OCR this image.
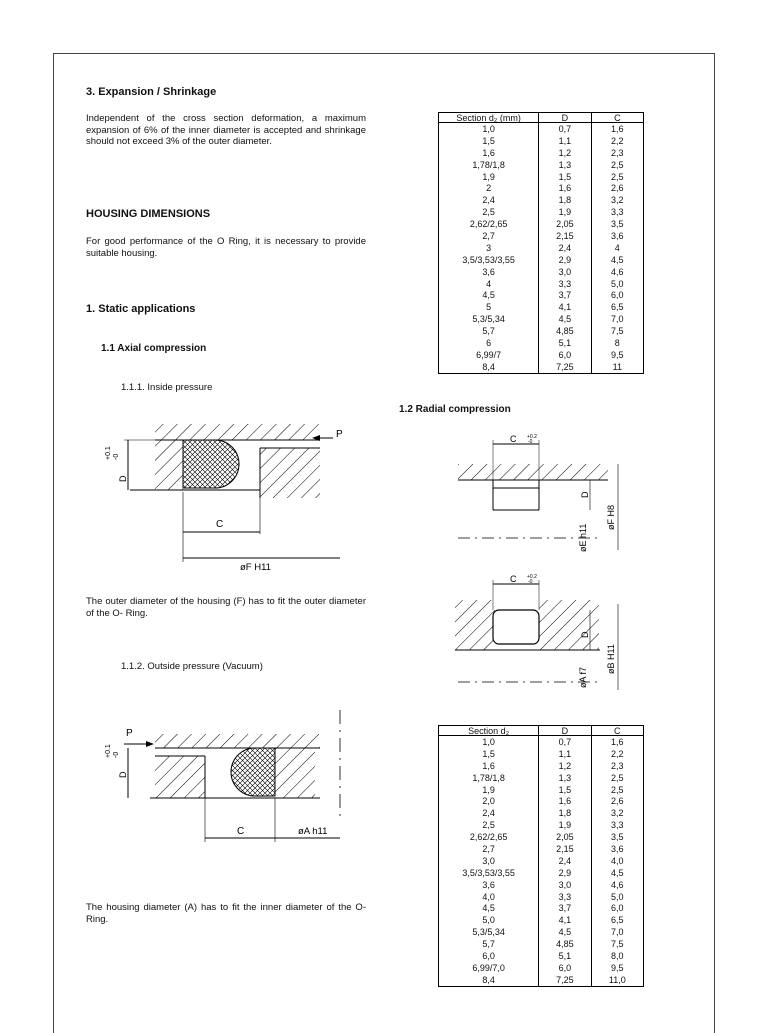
3. Expansion / Shrinkage
Independent of the cross section deformation, a maximum expansion of 6% of the inner diameter is accepted and shrinkage should not exceed 3% of the outer diameter.
HOUSING DIMENSIONS
For good performance of the O Ring, it is necessary to provide suitable housing.
1. Static applications
1.1 Axial compression
1.1.1. Inside pressure
The outer diameter of the housing (F) has to fit the outer diameter of the O- Ring.
1.1.2. Outside pressure (Vacuum)
The housing diameter (A) has to fit the inner diameter of the O-Ring.
1.2 Radial compression
Section d₂ (mm)	D	C
1,0	0,7	1,6
1,5	1,1	2,2
1,6	1,2	2,3
1,78/1,8	1,3	2,5
1,9	1,5	2,5
2	1,6	2,6
2,4	1,8	3,2
2,5	1,9	3,3
2,62/2,65	2,05	3,5
2,7	2,15	3,6
3	2,4	4
3,5/3,53/3,55	2,9	4,5
3,6	3,0	4,6
4	3,3	5,0
4,5	3,7	6,0
5	4,1	6,5
5,3/5,34	4,5	7,0
5,7	4,85	7,5
6	5,1	8
6,99/7	6,0	9,5
8,4	7,25	11
Section d₂	D	C
1,0	0,7	1,6
1,5	1,1	2,2
1,6	1,2	2,3
1,78/1,8	1,3	2,5
1,9	1,5	2,5
2,0	1,6	2,6
2,4	1,8	3,2
2,5	1,9	3,3
2,62/2,65	2,05	3,5
2,7	2,15	3,6
3,0	2,4	4,0
3,5/3,53/3,55	2,9	4,5
3,6	3,0	4,6
4,0	3,3	5,0
4,5	3,7	6,0
5,0	4,1	6,5
5,3/5,34	4,5	7,0
5,7	4,85	7,5
6,0	5,1	8,0
6,99/7,0	6,0	9,5
8,4	7,25	11,0
P
D
+0.1 -0
C
øF H11
P
D
+0.1 -0
C	øA h11
C +0.2
-0
D
øE h11
øF H8
C +0.2
-0
D
øA f7
øB H11
